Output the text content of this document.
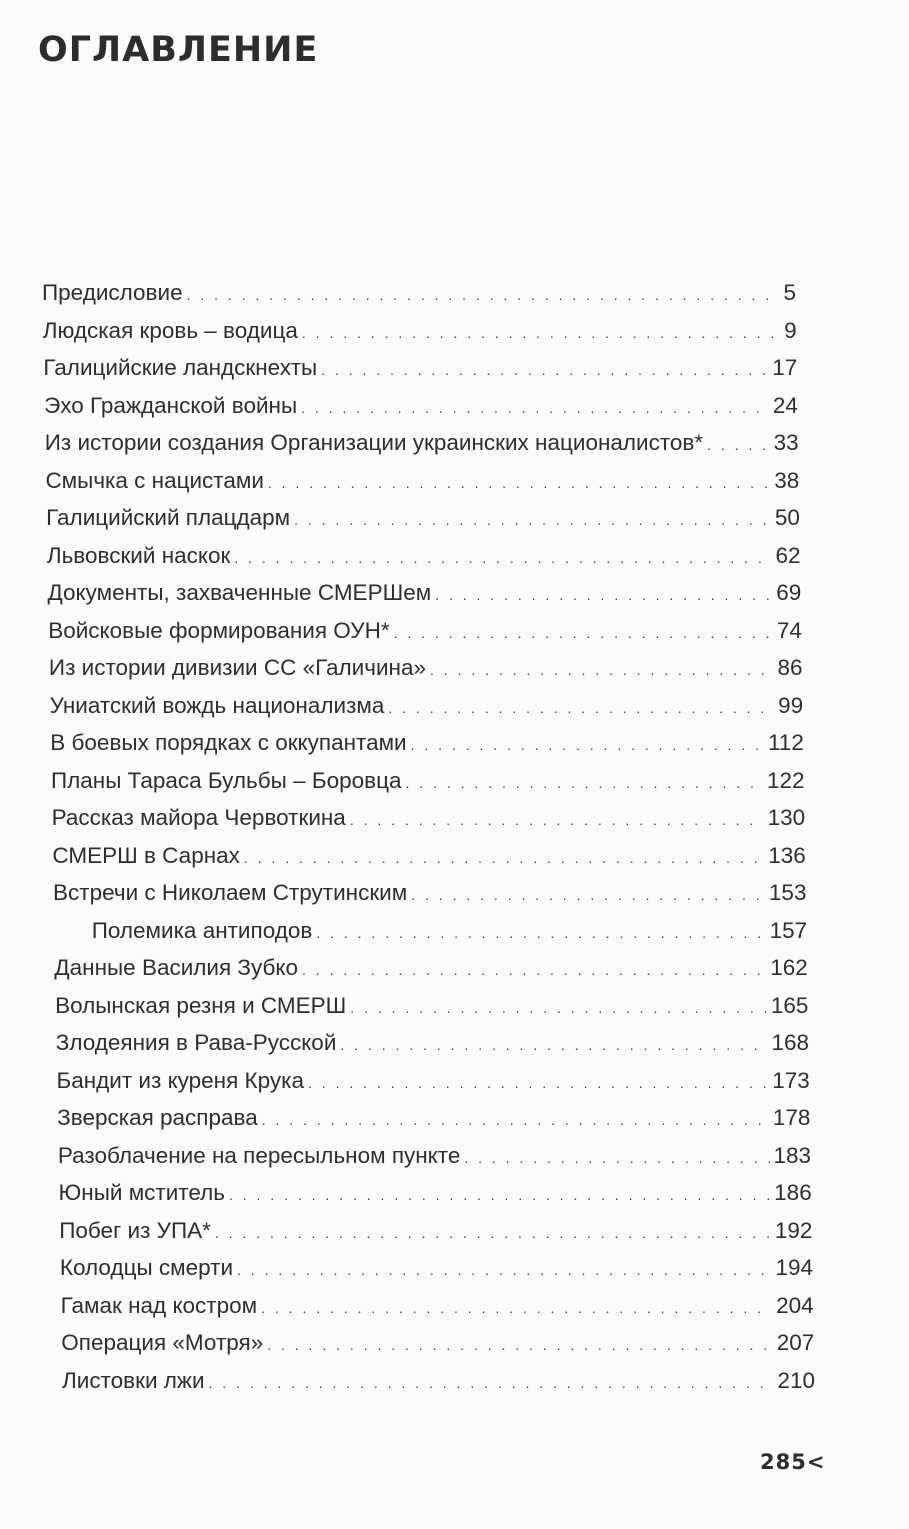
ОГЛАВЛЕНИЕ
Предисловие . . .	5
Людская кровь – водица . . .	9
Галицийские ландскнехты . . .	17
Эхо Гражданской войны . . .	24
Из истории создания Организации украинских националистов* . . .	33
Смычка с нацистами . . .	38
Галицийский плацдарм . . .	50
Львовский наскок . . .	62
Документы, захваченные СМЕРШем . . .	69
Войсковые формирования ОУН* . . .	74
Из истории дивизии СС «Галичина» . . .	86
Униатский вождь национализма . . .	99
В боевых порядках с оккупантами . . .	112
Планы Тараса Бульбы – Боровца . . .	122
Рассказ майора Червоткина . . .	130
СМЕРШ в Сарнах . . .	136
Встречи с Николаем Струтинским . . .	153
Полемика антиподов . . .	157
Данные Василия Зубко . . .	162
Волынская резня и СМЕРШ . . .	165
Злодеяния в Рава-Русской . . .	168
Бандит из куреня Крука . . .	173
Зверская расправа . . .	178
Разоблачение на пересыльном пункте . . .	183
Юный мститель . . .	186
Побег из УПА* . . .	192
Колодцы смерти . . .	194
Гамак над костром . . .	204
Операция «Мотря» . . .	207
Листовки лжи . . .	210
285<
